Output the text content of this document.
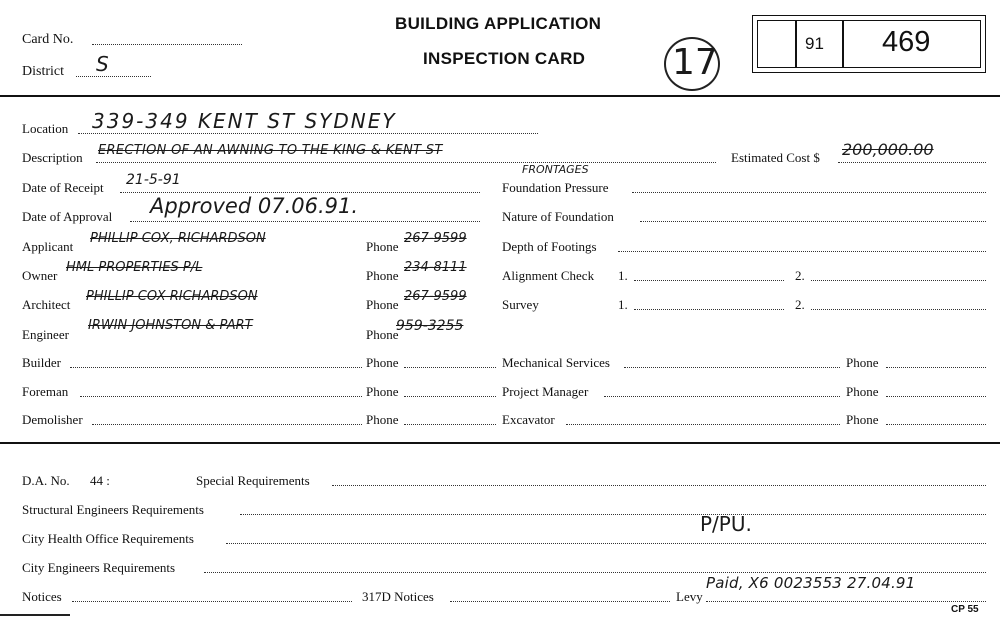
Card No.
District S
BUILDING APPLICATION
INSPECTION CARD 17	91 469
Location 339-349 KENT ST SYDNEY
Description ERECTION OF AN AWNING TO THE KING & KENT ST
FRONTAGES
Estimated Cost $ 200,000.00
Date of Receipt 21-5-91
Date of Approval Approved 07.06.91.
Applicant
PHILLIP COX, RICHARDSON
Phone
267-9599
Owner
HML PROPERTIES P/L
Phone
234-8111
Architect
PHILLIP COX RICHARDSON
Phone
267-9599
Engineer
IRWIN JOHNSTON & PART
Phone
959-3255
Builder	Phone
Foreman	Phone
Demolisher	Phone
Foundation Pressure
Nature of Foundation
Depth of Footings
Alignment Check 1.	2.
Survey	1.	2.
Mechanical Services	Phone
Project Manager	Phone
Excavator	Phone
D.A. No. 44 :	Special Requirements
Structural Engineers Requirements
City Health Office Requirements
P/PU.
City Engineers Requirements
Notices	317D Notices	Levy
Paid, X6 0023553 27.04.91
CP 55
